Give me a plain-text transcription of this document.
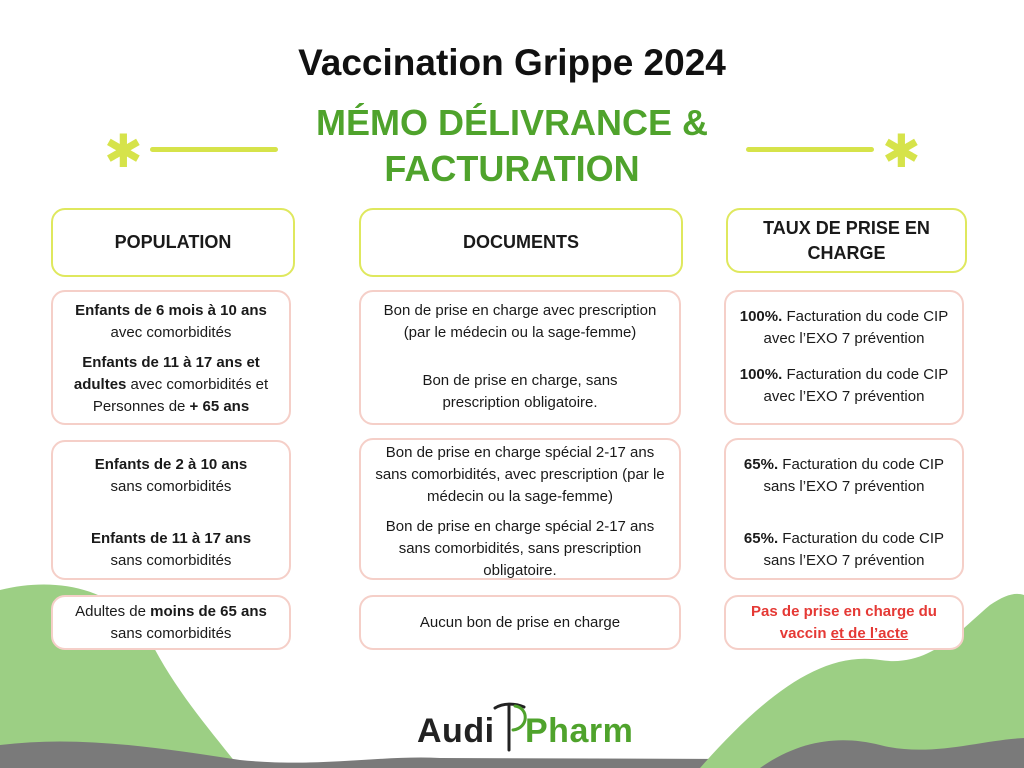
Vaccination Grippe 2024
MÉMO DÉLIVRANCE & FACTURATION
✱	✱
POPULATION	DOCUMENTS
TAUX DE PRISE EN CHARGE
Enfants de 6 mois à 10 ans avec comorbidités
Enfants de 11 à 17 ans et adultes avec comorbidités et Personnes de + 65 ans
Bon de prise en charge avec prescription (par le médecin ou la sage-femme)
Bon de prise en charge, sans prescription obligatoire.
100%. Facturation du code CIP avec l’EXO 7 prévention
100%. Facturation du code CIP avec l’EXO 7 prévention
Enfants de 2 à 10 ans
sans comorbidités
Enfants de 11 à 17 ans
sans comorbidités
Bon de prise en charge spécial 2-17 ans sans comorbidités, avec prescription (par le médecin ou la sage-femme)
Bon de prise en charge spécial 2-17 ans sans comorbidités, sans prescription obligatoire.
65%. Facturation du code CIP sans l’EXO 7 prévention
65%. Facturation du code CIP sans l’EXO 7 prévention
Adultes de moins de 65 ans
sans comorbidités
Aucun bon de prise en charge
Pas de prise en charge du vaccin et de l’acte
Audi Pharm
